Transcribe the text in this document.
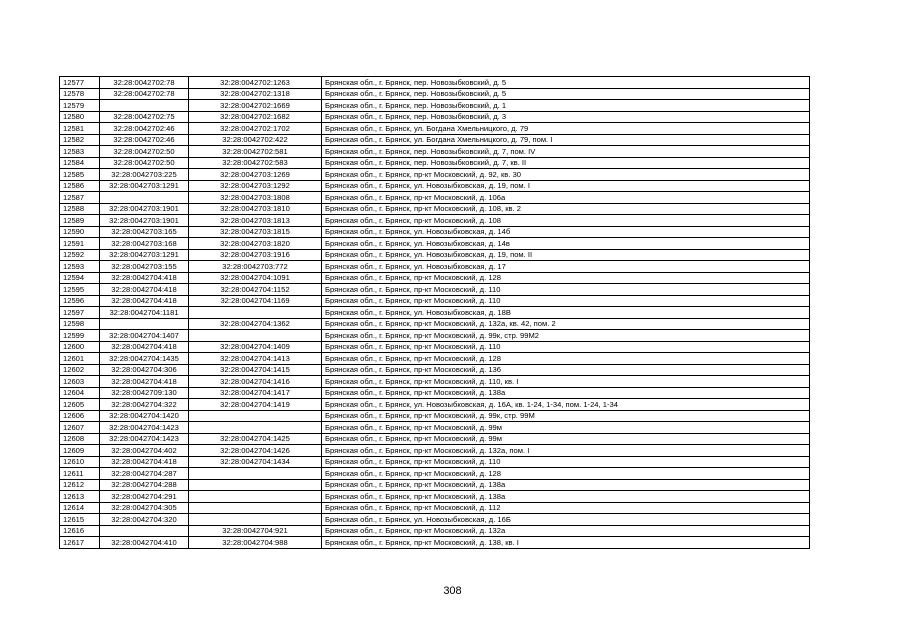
12577	32:28:0042702:78	32:28:0042702:1263	Брянская обл., г. Брянск, пер. Новозыбковский, д. 5
12578	32:28:0042702:78	32:28:0042702:1318	Брянская обл., г. Брянск, пер. Новозыбковский, д. 5
12579		32:28:0042702:1669	Брянская обл., г. Брянск, пер. Новозыбковский, д. 1
12580	32:28:0042702:75	32:28:0042702:1682	Брянская обл., г. Брянск, пер. Новозыбковский, д. 3
12581	32:28:0042702:46	32:28:0042702:1702	Брянская обл., г. Брянск, ул. Богдана Хмельницкого, д. 79
12582	32:28:0042702:46	32:28:0042702:422	Брянская обл., г. Брянск, ул. Богдана Хмельницкого, д. 79, пом. I
12583	32:28:0042702:50	32:28:0042702:581	Брянская обл., г. Брянск, пер. Новозыбковский, д. 7, пом. IV
12584	32:28:0042702:50	32:28:0042702:583	Брянская обл., г. Брянск, пер. Новозыбковский, д. 7, кв. II
12585	32:28:0042703:225	32:28:0042703:1269	Брянская обл., г. Брянск, пр-кт Московский, д. 92, кв. 30
12586	32:28:0042703:1291	32:28:0042703:1292	Брянская обл., г. Брянск, ул. Новозыбковская, д. 19, пом. I
12587		32:28:0042703:1808	Брянская обл., г. Брянск, пр-кт Московский, д. 106а
12588	32:28:0042703:1901	32:28:0042703:1810	Брянская обл., г. Брянск, пр-кт Московский, д. 108, кв. 2
12589	32:28:0042703:1901	32:28:0042703:1813	Брянская обл., г. Брянск, пр-кт Московский, д. 108
12590	32:28:0042703:165	32:28:0042703:1815	Брянская обл., г. Брянск, ул. Новозыбковская, д. 14б
12591	32:28:0042703:168	32:28:0042703:1820	Брянская обл., г. Брянск, ул. Новозыбковская, д. 14в
12592	32:28:0042703:1291	32:28:0042703:1916	Брянская обл., г. Брянск, ул. Новозыбковская, д. 19, пом. II
12593	32:28:0042703:155	32:28:0042703:772	Брянская обл., г. Брянск, ул. Новозыбковская, д. 17
12594	32:28:0042704:418	32:28:0042704:1091	Брянская обл., г. Брянск, пр-кт Московский, д. 128
12595	32:28:0042704:418	32:28:0042704:1152	Брянская обл., г. Брянск, пр-кт Московский, д. 110
12596	32:28:0042704:418	32:28:0042704:1169	Брянская обл., г. Брянск, пр-кт Московский, д. 110
12597	32:28:0042704:1181		Брянская обл., г. Брянск, ул. Новозыбковская, д. 18В
12598		32:28:0042704:1362	Брянская обл., г. Брянск, пр-кт Московский, д. 132а, кв. 42, пом. 2
12599	32:28:0042704:1407		Брянская обл., г. Брянск, пр-кт Московский, д. 99к, стр. 99М2
12600	32:28:0042704:418	32:28:0042704:1409	Брянская обл., г. Брянск, пр-кт Московский, д. 110
12601	32:28:0042704:1435	32:28:0042704:1413	Брянская обл., г. Брянск, пр-кт Московский, д. 128
12602	32:28:0042704:306	32:28:0042704:1415	Брянская обл., г. Брянск, пр-кт Московский, д. 136
12603	32:28:0042704:418	32:28:0042704:1416	Брянская обл., г. Брянск, пр-кт Московский, д. 110, кв. I
12604	32:28:0042709:130	32:28:0042704:1417	Брянская обл., г. Брянск, пр-кт Московский, д. 138а
12605	32:28:0042704:322	32:28:0042704:1419	Брянская обл., г. Брянск, ул. Новозыбковская, д. 16А, кв. 1-24, 1-34, пом. 1-24, 1-34
12606	32:28:0042704:1420		Брянская обл., г. Брянск, пр-кт Московский, д. 99к, стр. 99М
12607	32:28:0042704:1423		Брянская обл., г. Брянск, пр-кт Московский, д. 99м
12608	32:28:0042704:1423	32:28:0042704:1425	Брянская обл., г. Брянск, пр-кт Московский, д. 99м
12609	32:28:0042704:402	32:28:0042704:1426	Брянская обл., г. Брянск, пр-кт Московский, д. 132а, пом. I
12610	32:28:0042704:418	32:28:0042704:1434	Брянская обл., г. Брянск, пр-кт Московский, д. 110
12611	32:28:0042704:287		Брянская обл., г. Брянск, пр-кт Московский, д. 128
12612	32:28:0042704:288		Брянская обл., г. Брянск, пр-кт Московский, д. 138а
12613	32:28:0042704:291		Брянская обл., г. Брянск, пр-кт Московский, д. 138а
12614	32:28:0042704:305		Брянская обл., г. Брянск, пр-кт Московский, д. 112
12615	32:28:0042704:320		Брянская обл., г. Брянск, ул. Новозыбковская, д. 16Б
12616		32:28:0042704:921	Брянская обл., г. Брянск, пр-кт Московский, д. 132а
12617	32:28:0042704:410	32:28:0042704:988	Брянская обл., г. Брянск, пр-кт Московский, д. 138, кв. I
308
